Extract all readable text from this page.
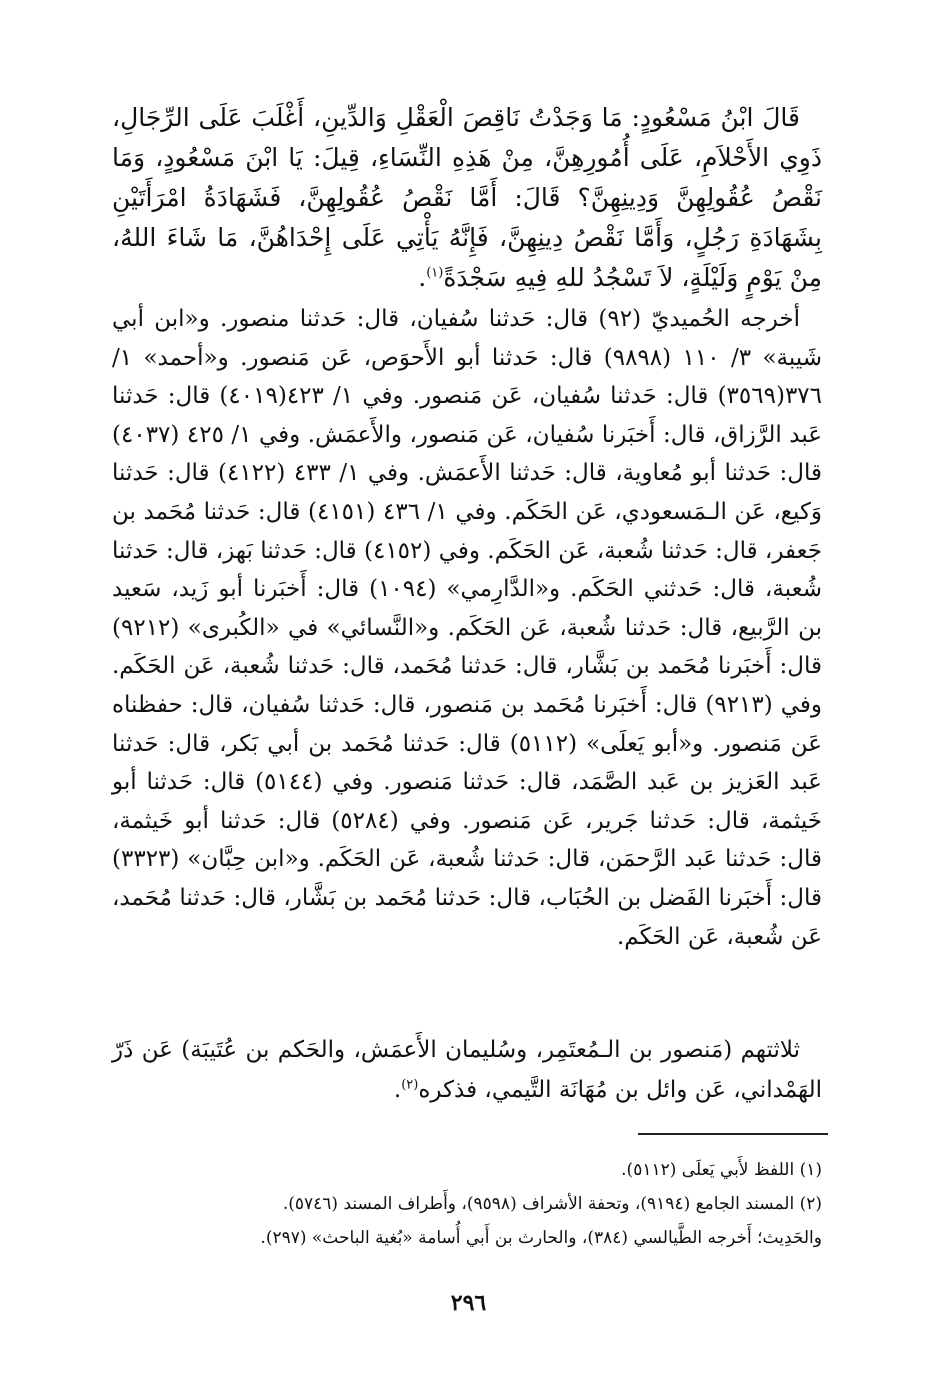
قَالَ ابْنُ مَسْعُودٍ: مَا وَجَدْتُ نَاقِصَ الْعَقْلِ وَالدِّينِ، أَغْلَبَ عَلَى الرِّجَالِ، ذَوِي الأَحْلاَمِ، عَلَى أُمُورِهِنَّ، مِنْ هَذِهِ النِّسَاءِ، قِيلَ: يَا ابْنَ مَسْعُودٍ، وَمَا نَقْصُ عُقُولِهِنَّ وَدِينِهِنَّ؟ قَالَ: أَمَّا نَقْصُ عُقُولِهِنَّ، فَشَهَادَةُ امْرَأَتَيْنِ بِشَهَادَةِ رَجُلٍ، وَأَمَّا نَقْصُ دِينِهِنَّ، فَإِنَّهُ يَأْتِي عَلَى إِحْدَاهُنَّ، مَا شَاءَ اللهُ، مِنْ يَوْمٍ وَلَيْلَةٍ، لاَ تَسْجُدُ للهِ فِيهِ سَجْدَةً$^{(١)}$.
أخرجه الحُميديّ (٩٢) قال: حَدثنا سُفيان، قال: حَدثنا منصور. و«ابن أبي شَيبة» ٣/ ١١٠ (٩٨٩٨) قال: حَدثنا أبو الأَحوَص، عَن مَنصور. و«أحمد» ١/ ٣٧٦(٣٥٦٩) قال: حَدثنا سُفيان، عَن مَنصور. وفي ١/ ٤٢٣(٤٠١٩) قال: حَدثنا عَبد الرَّزاق، قال: أَخبَرنا سُفيان، عَن مَنصور، والأَعمَش. وفي ١/ ٤٢٥ (٤٠٣٧) قال: حَدثنا أبو مُعاوية، قال: حَدثنا الأَعمَش. وفي ١/ ٤٣٣ (٤١٢٢) قال: حَدثنا وَكيع، عَن الـمَسعودي، عَن الحَكَم. وفي ١/ ٤٣٦ (٤١٥١) قال: حَدثنا مُحَمد بن جَعفر، قال: حَدثنا شُعبة، عَن الحَكَم. وفي (٤١٥٢) قال: حَدثنا بَهز، قال: حَدثنا شُعبة، قال: حَدثني الحَكَم. و«الدَّارِمي» (١٠٩٤) قال: أَخبَرنا أبو زَيد، سَعيد بن الرَّبيع، قال: حَدثنا شُعبة، عَن الحَكَم. و«النَّسائي» في «الكُبرى» (٩٢١٢) قال: أَخبَرنا مُحَمد بن بَشَّار، قال: حَدثنا مُحَمد، قال: حَدثنا شُعبة، عَن الحَكَم. وفي (٩٢١٣) قال: أَخبَرنا مُحَمد بن مَنصور، قال: حَدثنا سُفيان، قال: حفظناه عَن مَنصور. و«أبو يَعلَى» (٥١١٢) قال: حَدثنا مُحَمد بن أبي بَكر، قال: حَدثنا عَبد العَزيز بن عَبد الصَّمَد، قال: حَدثنا مَنصور. وفي (٥١٤٤) قال: حَدثنا أبو خَيثمة، قال: حَدثنا جَرير، عَن مَنصور. وفي (٥٢٨٤) قال: حَدثنا أبو خَيثمة، قال: حَدثنا عَبد الرَّحمَن، قال: حَدثنا شُعبة، عَن الحَكَم. و«ابن حِبَّان» (٣٣٢٣) قال: أَخبَرنا الفَضل بن الحُبَاب، قال: حَدثنا مُحَمد بن بَشَّار، قال: حَدثنا مُحَمد، عَن شُعبة، عَن الحَكَم.
ثلاثتهم (مَنصور بن الـمُعتَمِر، وسُليمان الأَعمَش، والحَكم بن عُتَيبَة) عَن ذَرّ الهَمْداني، عَن وائل بن مُهَانَة التَّيمي، فذكره$^{(٢)}$.

(١) اللفظ لأَبي يَعلَى (٥١١٢).

(٢) المسند الجامع (٩١٩٤)، وتحفة الأشراف (٩٥٩٨)، وأَطراف المسند (٥٧٤٦).

والحَدِيث؛ أَخرجه الطَّيالسي (٣٨٤)، والحارث بن أَبي أُسامة «بُغية الباحث» (٢٩٧).

٢٩٦
